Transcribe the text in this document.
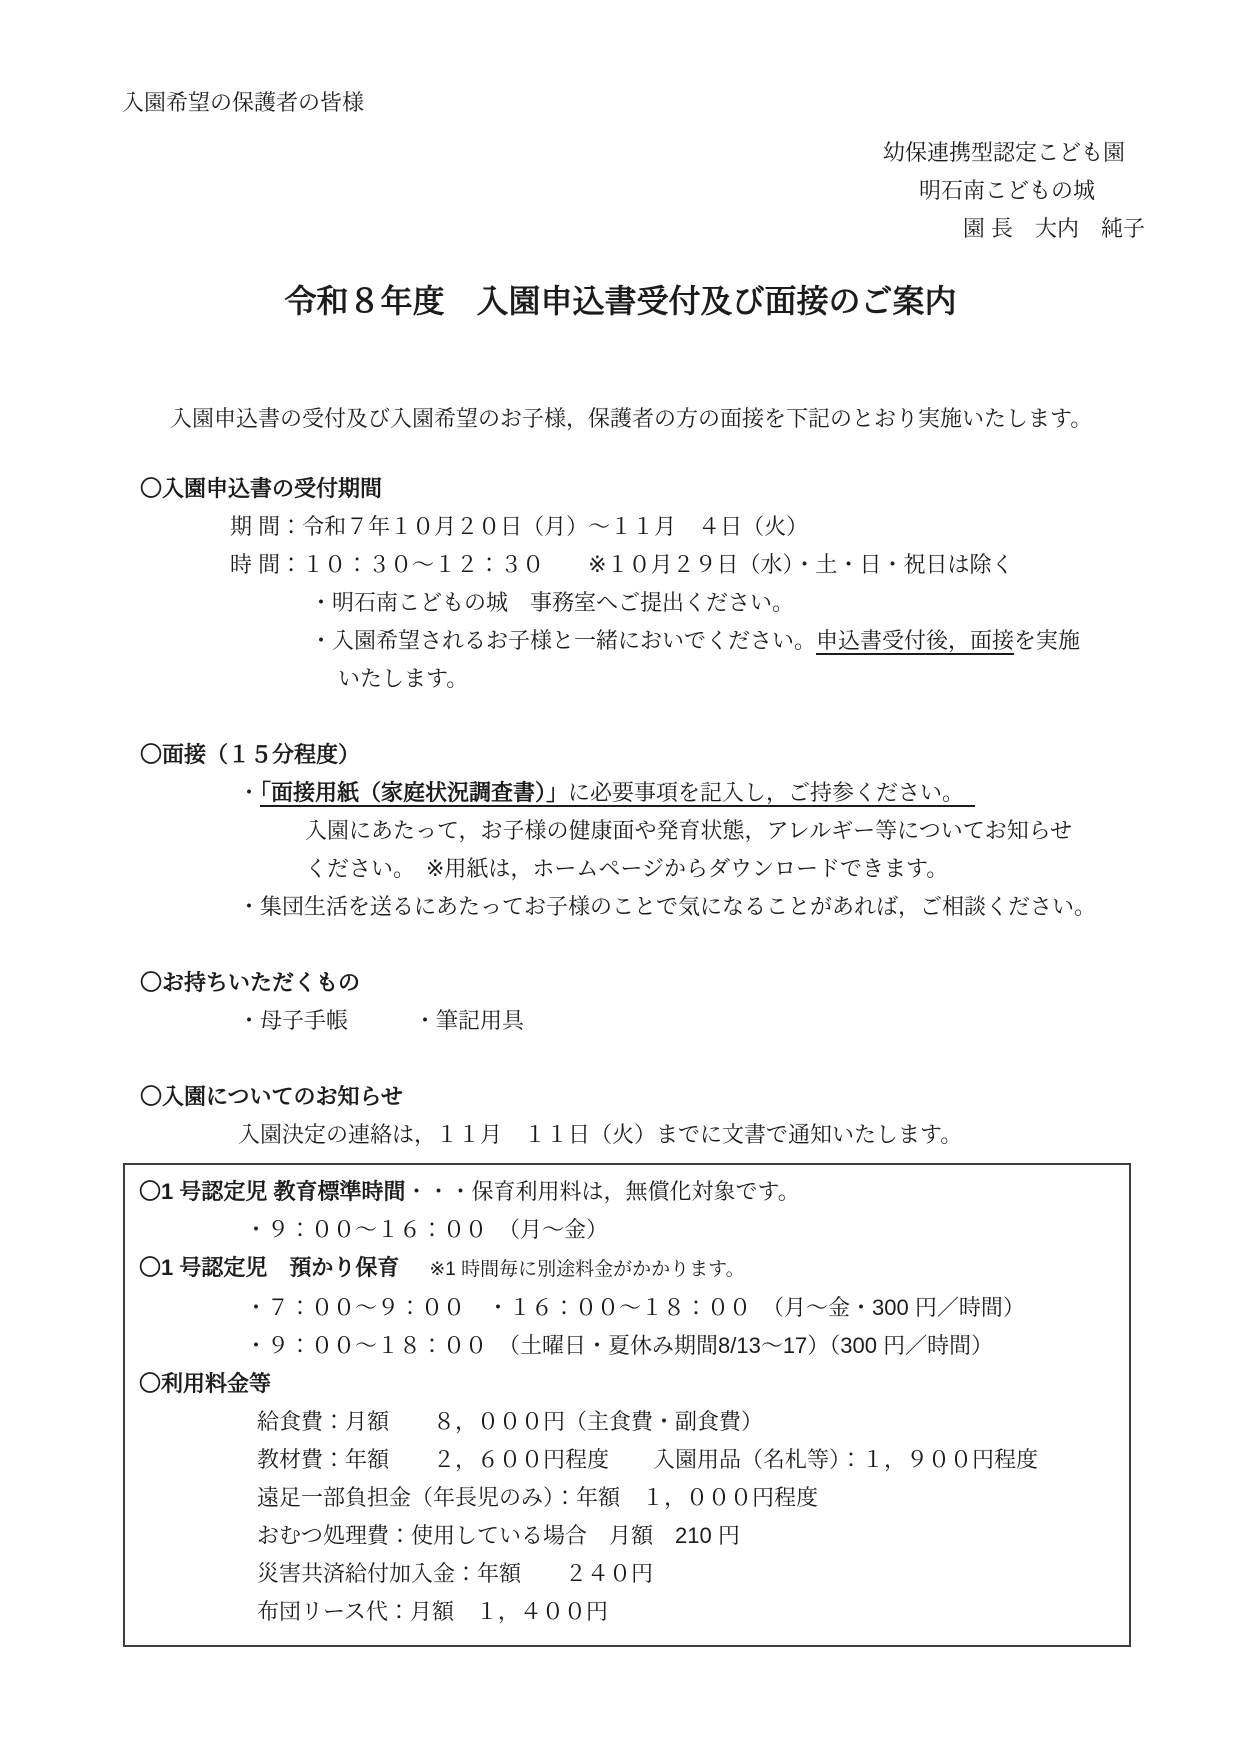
入園希望の保護者の皆様
幼保連携型認定こども園
明石南こどもの城
園 長　大内　純子
令和８年度　入園申込書受付及び面接のご案内
入園申込書の受付及び入園希望のお子様，保護者の方の面接を下記のとおり実施いたします。
〇入園申込書の受付期間
期 間：令和７年１０月２０日（月）～１１月　４日（火）
時 間：１０：３０～１２：３０　　※１０月２９日（水）・土・日・祝日は除く
・明石南こどもの城　事務室へご提出ください。
・入園希望されるお子様と一緒においでください。申込書受付後，面接を実施
いたします。
〇面接（１５分程度）
・「面接用紙（家庭状況調査書）」に必要事項を記入し，ご持参ください。　
入園にあたって，お子様の健康面や発育状態，アレルギー等についてお知らせ
ください。　※用紙は，ホームページからダウンロードできます。
・集団生活を送るにあたってお子様のことで気になることがあれば，ご相談ください。
〇お持ちいただくもの
・母子手帳　　　・筆記用具
〇入園についてのお知らせ
入園決定の連絡は，１１月　１１日（火）までに文書で通知いたします。
〇1 号認定児 教育標準時間・・・保育利用料は，無償化対象です。
・９：００～１６：００　（月～金）
〇1 号認定児　預かり保育 ※1 時間毎に別途料金がかかります。
・７：００～９：００　・１６：００～１８：００　（月～金・300 円／時間）
・９：００～１８：００　（土曜日・夏休み期間8/13～17）（300 円／時間）
〇利用料金等
給食費：月額　　８，０００円（主食費・副食費）
教材費：年額　　２，６００円程度　　入園用品（名札等）：１，９００円程度
遠足一部負担金（年長児のみ）：年額　１，０００円程度
おむつ処理費：使用している場合　月額　210 円
災害共済給付加入金：年額　　２４０円
布団リース代：月額　１，４００円
